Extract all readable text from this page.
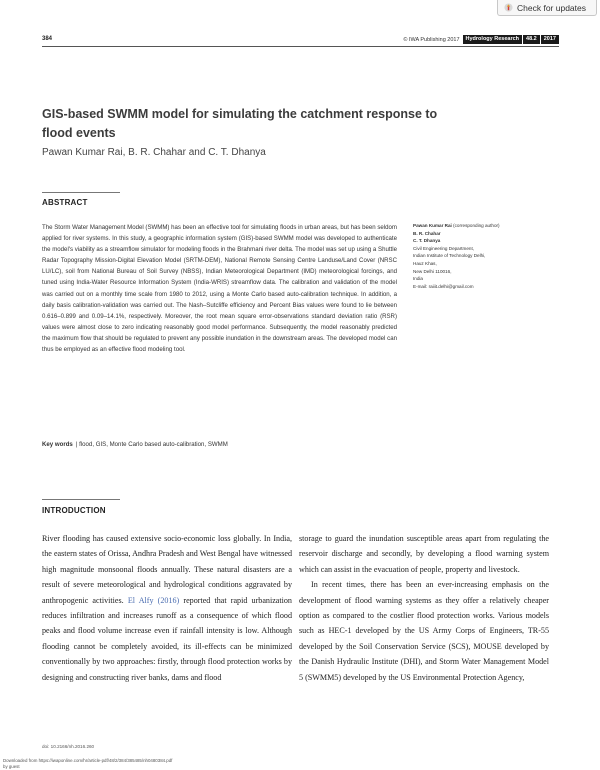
Check for updates
384	© IWA Publishing 2017	Hydrology Research	48.2	2017
GIS-based SWMM model for simulating the catchment response to flood events
Pawan Kumar Rai, B. R. Chahar and C. T. Dhanya
ABSTRACT
The Storm Water Management Model (SWMM) has been an effective tool for simulating floods in urban areas, but has been seldom applied for river systems. In this study, a geographic information system (GIS)-based SWMM model was developed to authenticate the model's viability as a streamflow simulator for modeling floods in the Brahmani river delta. The model was set up using a Shuttle Radar Topography Mission-Digital Elevation Model (SRTM-DEM), National Remote Sensing Centre Landuse/Land Cover (NRSC LU/LC), soil from National Bureau of Soil Survey (NBSS), Indian Meteorological Department (IMD) meteorological forcings, and tuned using India-Water Resource Information System (India-WRIS) streamflow data. The calibration and validation of the model was carried out on a monthly time scale from 1980 to 2012, using a Monte Carlo based auto-calibration technique. In addition, a daily basis calibration-validation was carried out. The Nash–Sutcliffe efficiency and Percent Bias values were found to lie between 0.616–0.899 and 0.09–14.1%, respectively. Moreover, the root mean square error-observations standard deviation ratio (RSR) values were almost close to zero indicating reasonably good model performance. Subsequently, the model reasonably predicted the maximum flow that should be regulated to prevent any possible inundation in the downstream areas. The developed model can thus be employed as an effective flood modeling tool.
Key words | flood, GIS, Monte Carlo based auto-calibration, SWMM
Pawan Kumar Rai (corresponding author)
B. R. Chahar
C. T. Dhanya
Civil Engineering Department,
Indian Institute of Technology Delhi,
Hauz Khas,
New Delhi 110016,
India
E-mail: raiiit.delhi@gmail.com
INTRODUCTION

River flooding has caused extensive socio-economic loss globally. In India, the eastern states of Orissa, Andhra Pradesh and West Bengal have witnessed high magnitude monsoonal floods annually. These natural disasters are a result of severe meteorological and hydrological conditions aggravated by anthropogenic activities. El Alfy (2016) reported that rapid urbanization reduces infiltration and increases runoff as a consequence of which flood peaks and flood volume increase even if rainfall intensity is low. Although flooding cannot be completely avoided, its ill-effects can be minimized conventionally by two approaches: firstly, through flood protection works by designing and constructing river banks, dams and flood

storage to guard the inundation susceptible areas apart from regulating the reservoir discharge and secondly, by developing a flood warning system which can assist in the evacuation of people, property and livestock.

In recent times, there has been an ever-increasing emphasis on the development of flood warning systems as they offer a relatively cheaper option as compared to the costlier flood protection works. Various models such as HEC-1 developed by the US Army Corps of Engineers, TR-55 developed by the Soil Conservation Service (SCS), MOUSE developed by the Danish Hydraulic Institute (DHI), and Storm Water Management Model 5 (SWMM5) developed by the US Environmental Protection Agency,

doi: 10.2166/nh.2016.260
Downloaded from https://iwaponline.com/hr/article-pdf/48/2/384/385485/nh0480384.pdf
by guest
